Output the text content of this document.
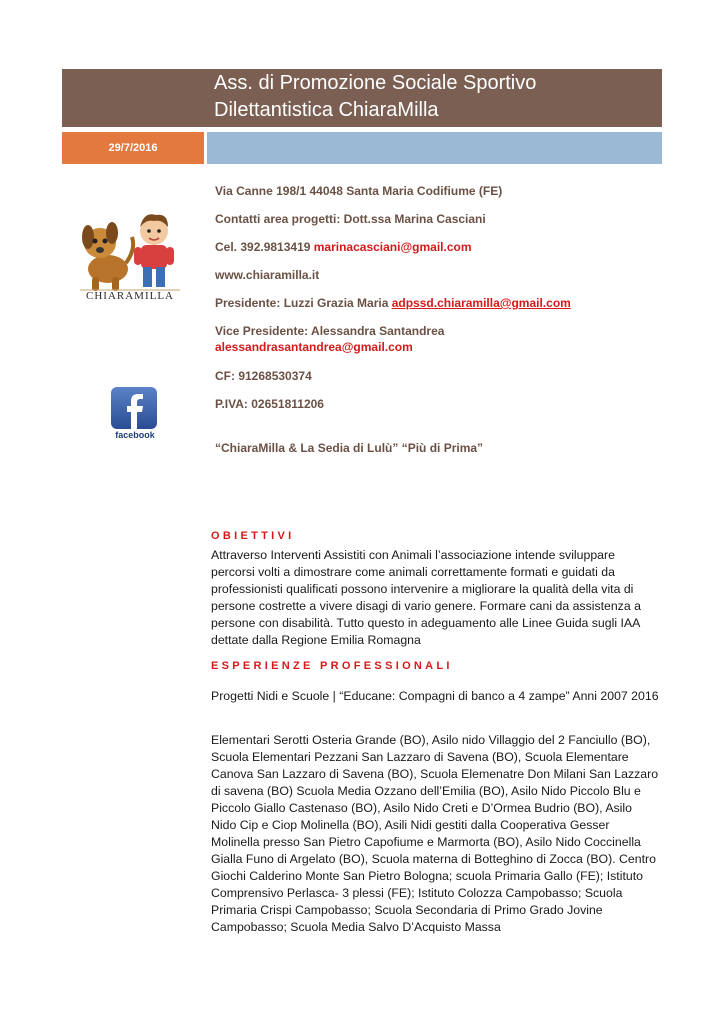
Ass. di Promozione Sociale Sportivo
Dilettantistica ChiaraMilla
29/7/2016
CHIARAMILLA
facebook
Via Canne 198/1 44048 Santa Maria Codifiume (FE)
Contatti area progetti: Dott.ssa Marina Casciani
Cel. 392.9813419 marinacasciani@gmail.com
www.chiaramilla.it
Presidente: Luzzi Grazia Maria adpssd.chiaramilla@gmail.com
Vice Presidente: Alessandra Santandrea
alessandrasantandrea@gmail.com
CF: 91268530374
P.IVA: 02651811206
“ChiaraMilla & La Sedia di Lulù” “Più di Prima”
OBIETTIVI
Attraverso Interventi Assistiti con Animali l’associazione intende sviluppare percorsi volti a dimostrare come animali correttamente formati e guidati da professionisti qualificati possono intervenire a migliorare la qualità della vita di persone costrette a vivere disagi di vario genere. Formare cani da assistenza a persone con disabilità. Tutto questo in adeguamento alle Linee Guida sugli IAA dettate dalla Regione Emilia Romagna
ESPERIENZE PROFESSIONALI
Progetti Nidi e Scuole | “Educane: Compagni di banco a 4 zampe” Anni 2007 2016
Elementari Serotti Osteria Grande (BO), Asilo nido Villaggio del 2 Fanciullo (BO), Scuola Elementari Pezzani San Lazzaro di Savena (BO), Scuola Elementare Canova San Lazzaro di Savena (BO), Scuola Elemenatre Don Milani San Lazzaro di savena (BO) Scuola Media Ozzano dell’Emilia (BO), Asilo Nido Piccolo Blu e Piccolo Giallo Castenaso (BO), Asilo Nido Creti e D’Ormea Budrio (BO), Asilo Nido Cip e Ciop Molinella (BO), Asili Nidi gestiti dalla Cooperativa Gesser Molinella presso San Pietro Capofiume e Marmorta (BO), Asilo Nido Coccinella Gialla Funo di Argelato (BO), Scuola materna di Botteghino di Zocca (BO). Centro Giochi Calderino Monte San Pietro Bologna; scuola Primaria Gallo (FE); Istituto Comprensivo Perlasca- 3 plessi (FE); Istituto Colozza Campobasso; Scuola Primaria Crispi Campobasso; Scuola Secondaria di Primo Grado Jovine Campobasso; Scuola Media Salvo D’Acquisto Massa
